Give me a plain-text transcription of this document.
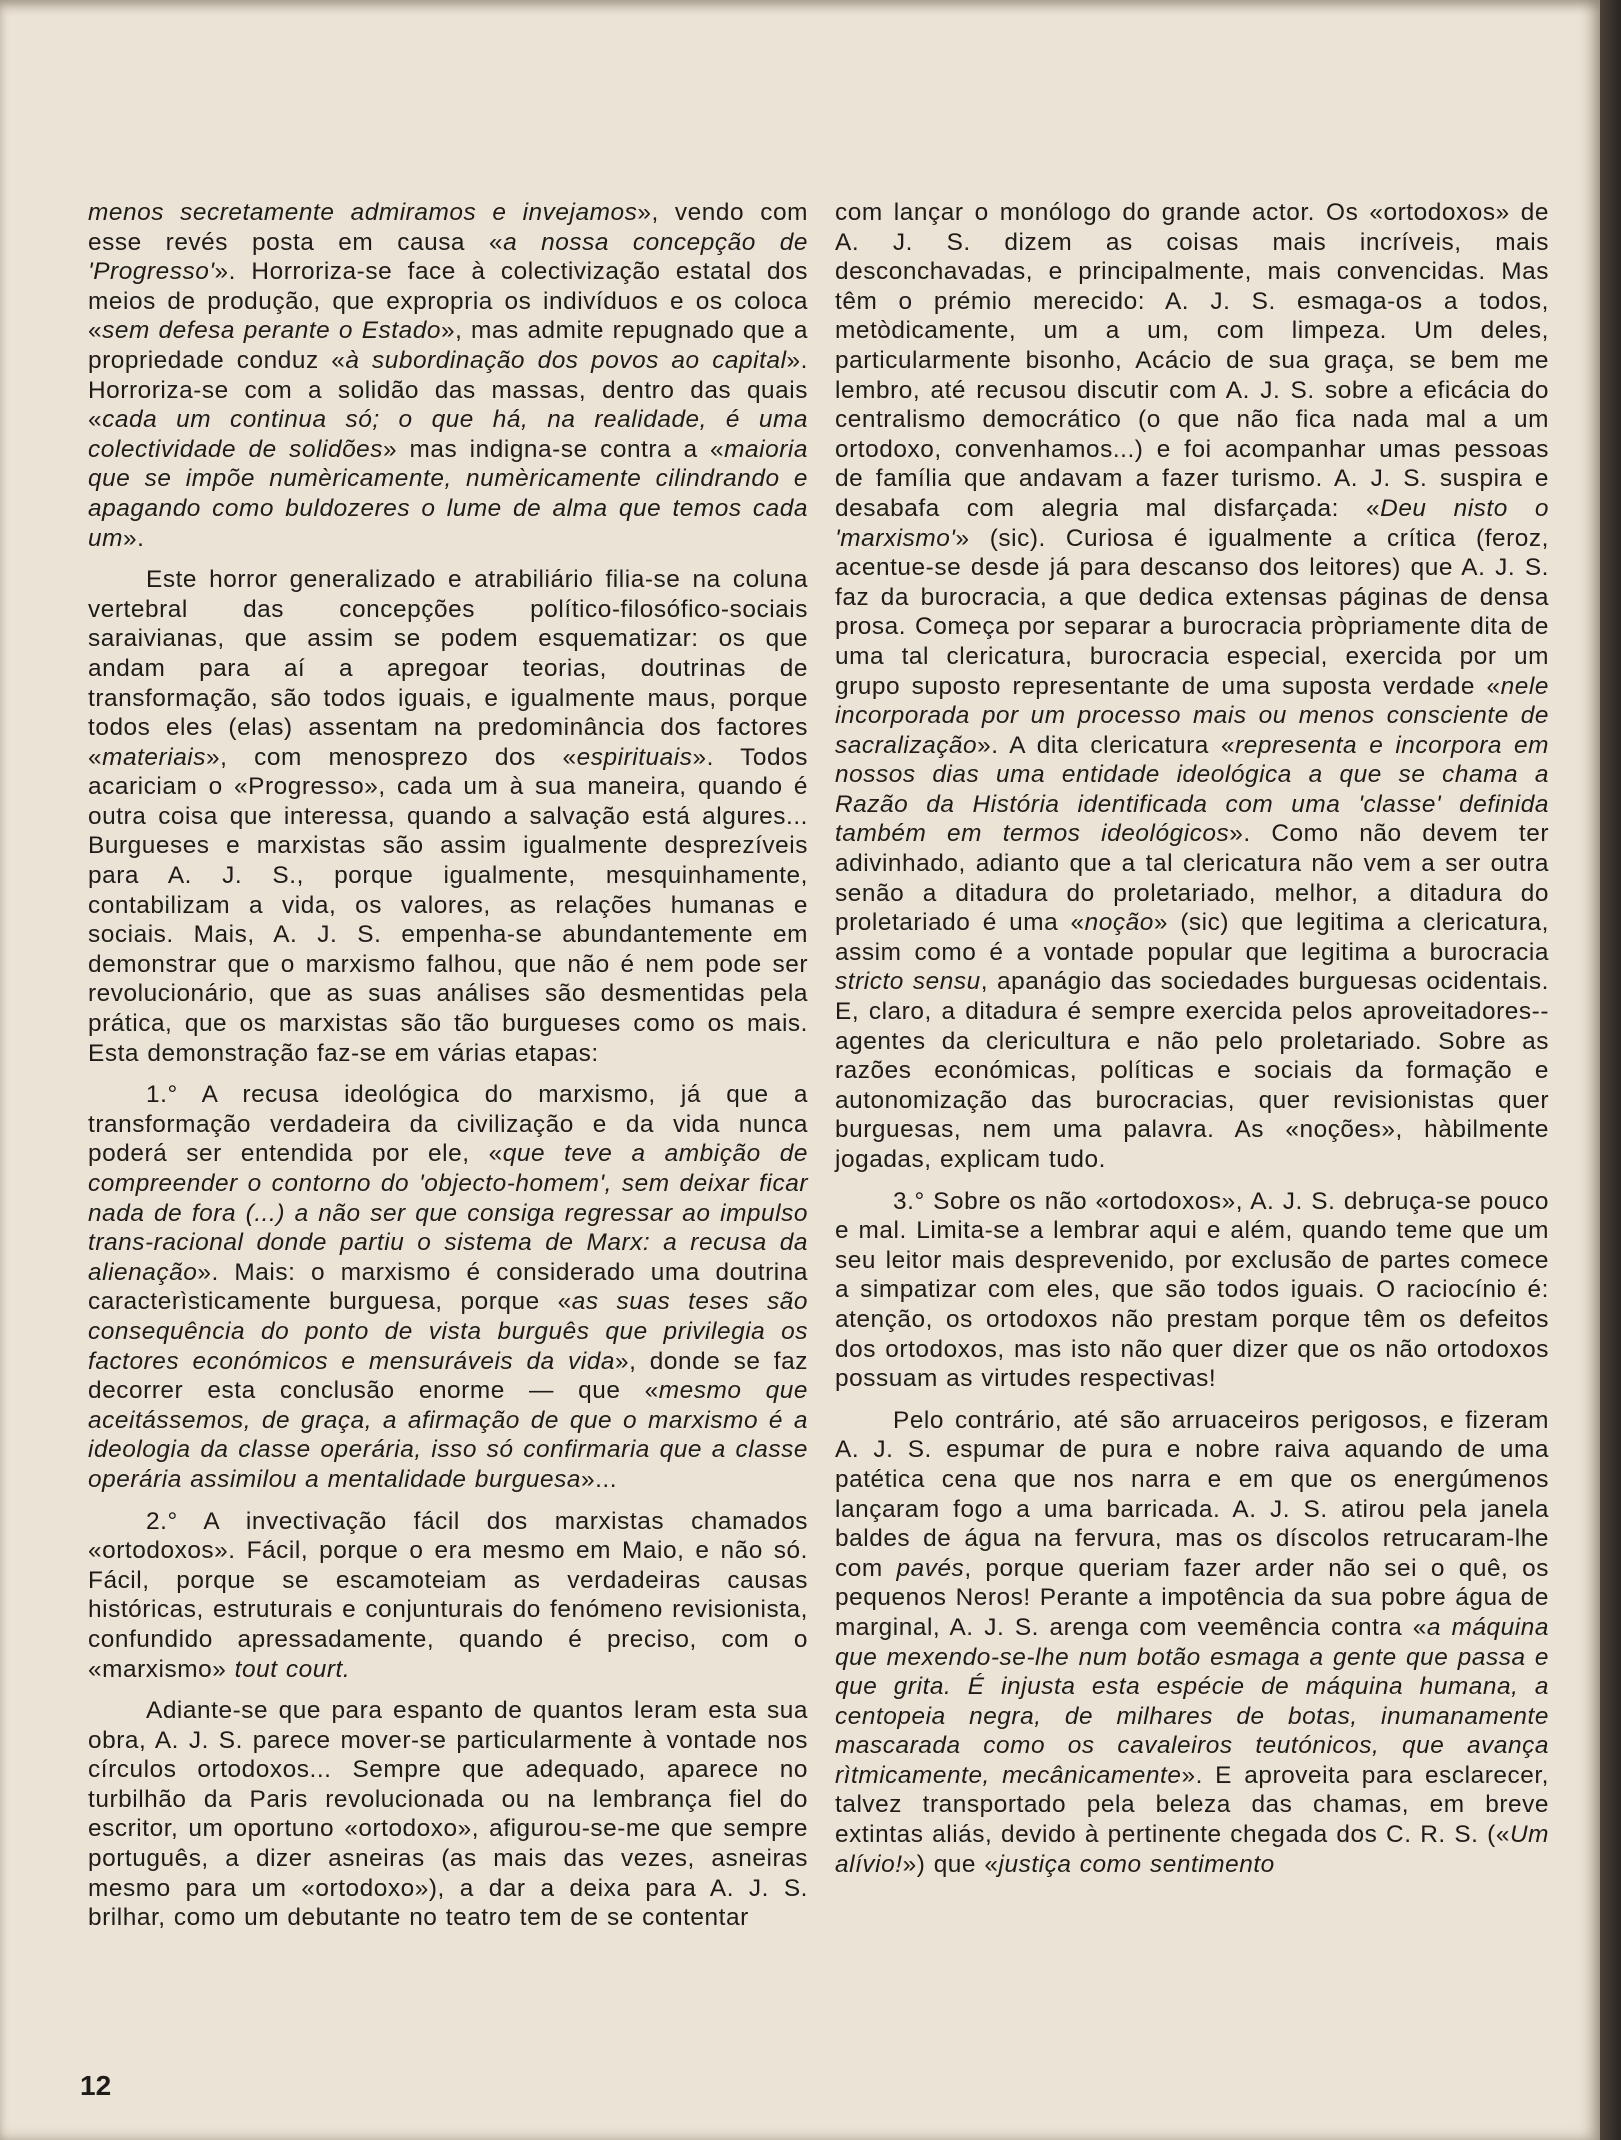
menos secretamente admiramos e invejamos», vendo com esse revés posta em causa «a nossa concepção de 'Progresso'». Horroriza-se face à colectivização estatal dos meios de produção, que expropria os indivíduos e os coloca «sem defesa perante o Estado», mas admite repugnado que a propriedade conduz «à subordinação dos povos ao capital». Horroriza-se com a solidão das massas, dentro das quais «cada um continua só; o que há, na realidade, é uma colectividade de solidões» mas indigna-se contra a «maioria que se impõe numèricamente, numèricamente cilindrando e apagando como buldozeres o lume de alma que temos cada um».

Este horror generalizado e atrabiliário filia-se na coluna vertebral das concepções político-filosófico-sociais saraivianas, que assim se podem esquematizar: os que andam para aí a apregoar teorias, doutrinas de transformação, são todos iguais, e igualmente maus, porque todos eles (elas) assentam na predominância dos factores «materiais», com menosprezo dos «espirituais». Todos acariciam o «Progresso», cada um à sua maneira, quando é outra coisa que interessa, quando a salvação está algures... Burgueses e marxistas são assim igualmente desprezíveis para A. J. S., porque igualmente, mesquinhamente, contabilizam a vida, os valores, as relações humanas e sociais. Mais, A. J. S. empenha-se abundantemente em demonstrar que o marxismo falhou, que não é nem pode ser revolucionário, que as suas análises são desmentidas pela prática, que os marxistas são tão burgueses como os mais. Esta demonstração faz-se em várias etapas:

1.° A recusa ideológica do marxismo, já que a transformação verdadeira da civilização e da vida nunca poderá ser entendida por ele, «que teve a ambição de compreender o contorno do 'objecto-homem', sem deixar ficar nada de fora (...) a não ser que consiga regressar ao impulso trans-racional donde partiu o sistema de Marx: a recusa da alienação». Mais: o marxismo é considerado uma doutrina caracterìsticamente burguesa, porque «as suas teses são consequência do ponto de vista burguês que privilegia os factores económicos e mensuráveis da vida», donde se faz decorrer esta conclusão enorme — que «mesmo que aceitássemos, de graça, a afirmação de que o marxismo é a ideologia da classe operária, isso só confirmaria que a classe operária assimilou a mentalidade burguesa»...

2.° A invectivação fácil dos marxistas chamados «ortodoxos». Fácil, porque o era mesmo em Maio, e não só. Fácil, porque se escamoteiam as verdadeiras causas históricas, estruturais e conjunturais do fenómeno revisionista, confundido apressadamente, quando é preciso, com o «marxismo» tout court.

Adiante-se que para espanto de quantos leram esta sua obra, A. J. S. parece mover-se particularmente à vontade nos círculos ortodoxos... Sempre que adequado, aparece no turbilhão da Paris revolucionada ou na lembrança fiel do escritor, um oportuno «ortodoxo», afigurou-se-me que sempre português, a dizer asneiras (as mais das vezes, asneiras mesmo para um «ortodoxo»), a dar a deixa para A. J. S. brilhar, como um debutante no teatro tem de se contentar

com lançar o monólogo do grande actor. Os «ortodoxos» de A. J. S. dizem as coisas mais incríveis, mais desconchavadas, e principalmente, mais convencidas. Mas têm o prémio merecido: A. J. S. esmaga-os a todos, metòdicamente, um a um, com limpeza. Um deles, particularmente bisonho, Acácio de sua graça, se bem me lembro, até recusou discutir com A. J. S. sobre a eficácia do centralismo democrático (o que não fica nada mal a um ortodoxo, convenhamos...) e foi acompanhar umas pessoas de família que andavam a fazer turismo. A. J. S. suspira e desabafa com alegria mal disfarçada: «Deu nisto o 'marxismo'» (sic). Curiosa é igualmente a crítica (feroz, acentue-se desde já para descanso dos leitores) que A. J. S. faz da burocracia, a que dedica extensas páginas de densa prosa. Começa por separar a burocracia pròpriamente dita de uma tal clericatura, burocracia especial, exercida por um grupo suposto representante de uma suposta verdade «nele incorporada por um processo mais ou menos consciente de sacralização». A dita clericatura «representa e incorpora em nossos dias uma entidade ideológica a que se chama a Razão da História identificada com uma 'classe' definida também em termos ideológicos». Como não devem ter adivinhado, adianto que a tal clericatura não vem a ser outra senão a ditadura do proletariado, melhor, a ditadura do proletariado é uma «noção» (sic) que legitima a clericatura, assim como é a vontade popular que legitima a burocracia stricto sensu, apanágio das sociedades burguesas ocidentais. E, claro, a ditadura é sempre exercida pelos aproveitadores--agentes da clericultura e não pelo proletariado. Sobre as razões económicas, políticas e sociais da formação e autonomização das burocracias, quer revisionistas quer burguesas, nem uma palavra. As «noções», hàbilmente jogadas, explicam tudo.

3.° Sobre os não «ortodoxos», A. J. S. debruça-se pouco e mal. Limita-se a lembrar aqui e além, quando teme que um seu leitor mais desprevenido, por exclusão de partes comece a simpatizar com eles, que são todos iguais. O raciocínio é: atenção, os ortodoxos não prestam porque têm os defeitos dos ortodoxos, mas isto não quer dizer que os não ortodoxos possuam as virtudes respectivas!

Pelo contrário, até são arruaceiros perigosos, e fizeram A. J. S. espumar de pura e nobre raiva aquando de uma patética cena que nos narra e em que os energúmenos lançaram fogo a uma barricada. A. J. S. atirou pela janela baldes de água na fervura, mas os díscolos retrucaram-lhe com pavés, porque queriam fazer arder não sei o quê, os pequenos Neros! Perante a impotência da sua pobre água de marginal, A. J. S. arenga com veemência contra «a máquina que mexendo-se-lhe num botão esmaga a gente que passa e que grita. É injusta esta espécie de máquina humana, a centopeia negra, de milhares de botas, inumanamente mascarada como os cavaleiros teutónicos, que avança rìtmicamente, mecânicamente». E aproveita para esclarecer, talvez transportado pela beleza das chamas, em breve extintas aliás, devido à pertinente chegada dos C. R. S. («Um alívio!») que «justiça como sentimento

12
